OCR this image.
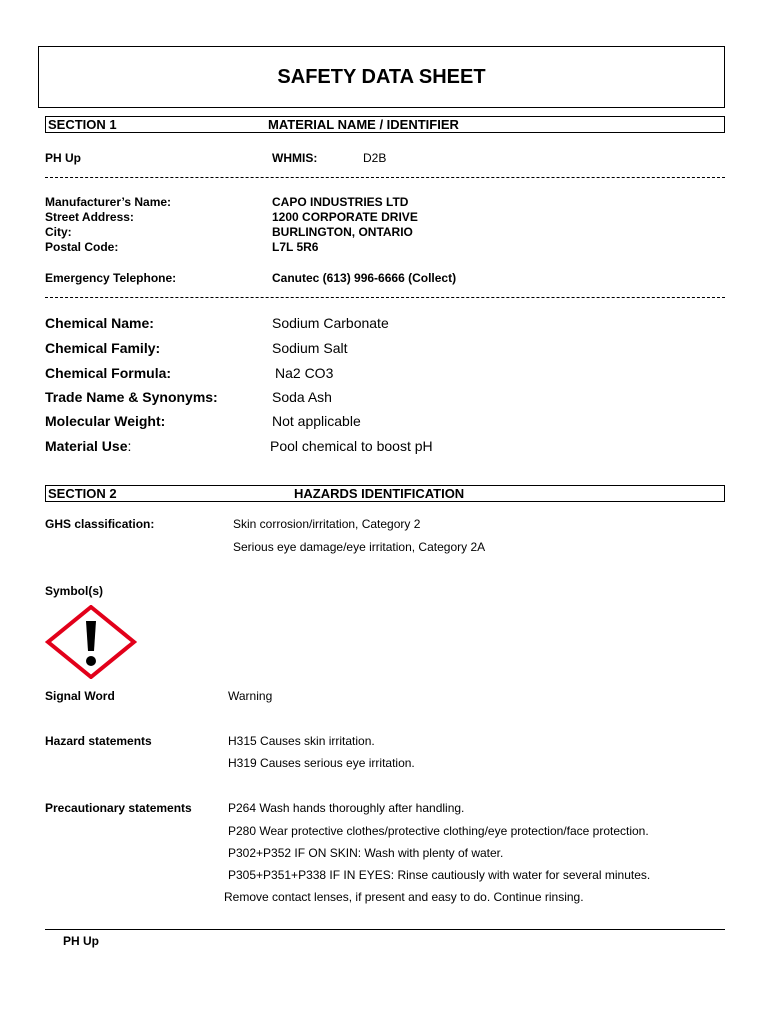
SAFETY DATA SHEET
SECTION 1	MATERIAL NAME / IDENTIFIER
PH Up	WHMIS:	D2B
Manufacturer’s Name:	CAPO INDUSTRIES LTD
Street Address:	1200 CORPORATE DRIVE
City:	BURLINGTON, ONTARIO
Postal Code:	L7L 5R6
Emergency Telephone:	Canutec (613) 996-6666 (Collect)
Chemical Name:	Sodium Carbonate
Chemical Family:	Sodium Salt
Chemical Formula:	Na2 CO3
Trade Name & Synonyms:	Soda Ash
Molecular Weight:	Not applicable
Material Use:	Pool chemical to boost pH
SECTION 2	HAZARDS IDENTIFICATION
GHS classification:	Skin corrosion/irritation, Category 2
Serious eye damage/eye irritation, Category 2A
Symbol(s)
Signal Word	Warning
Hazard statements	H315 Causes skin irritation.
H319 Causes serious eye irritation.
Precautionary statements	P264 Wash hands thoroughly after handling.
P280 Wear protective clothes/protective clothing/eye protection/face protection.
P302+P352 IF ON SKIN: Wash with plenty of water.
P305+P351+P338 IF IN EYES: Rinse cautiously with water for several minutes.
Remove contact lenses, if present and easy to do. Continue rinsing.
PH Up
